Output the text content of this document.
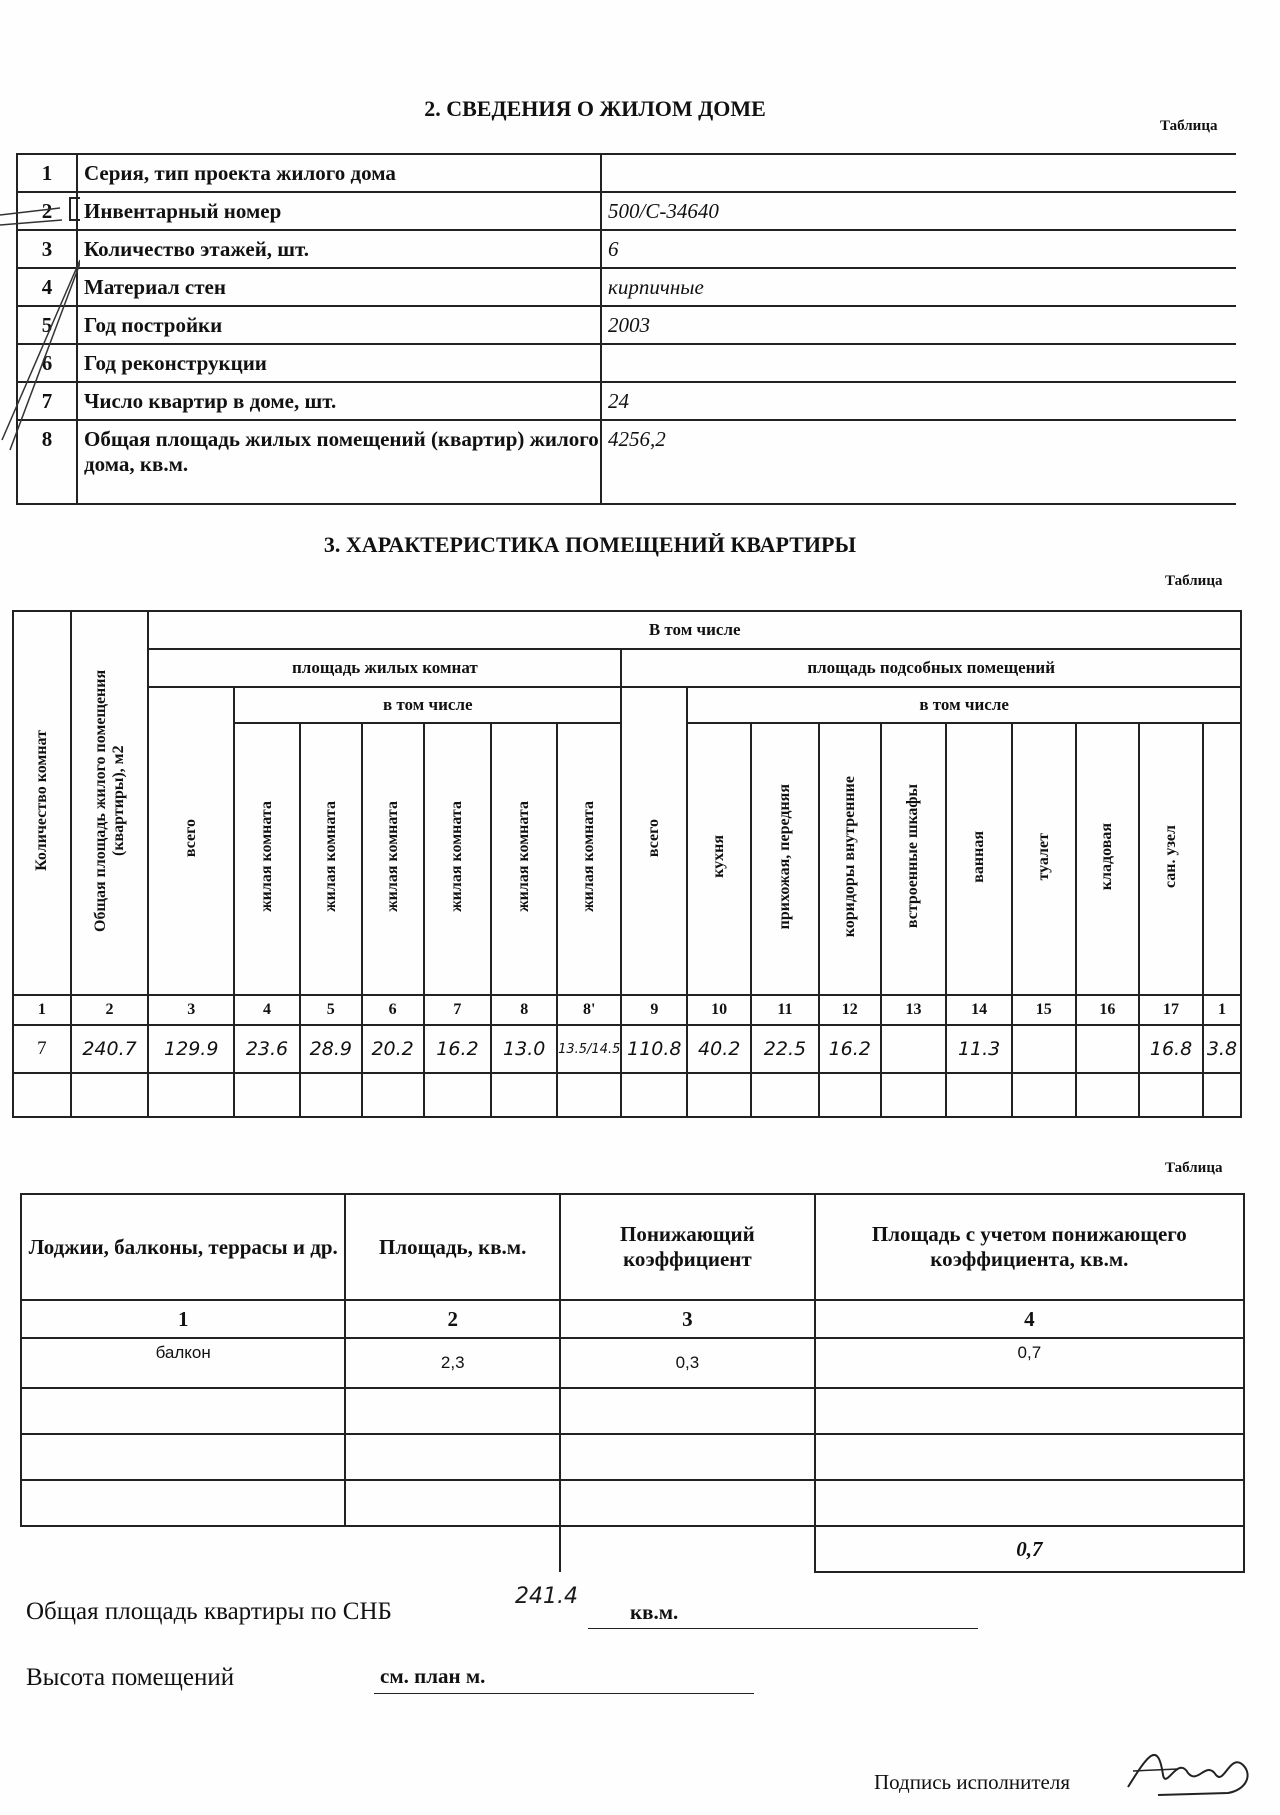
2. СВЕДЕНИЯ О ЖИЛОМ ДОМЕ
Таблица
1	Серия, тип проекта жилого дома	
2	Инвентарный номер	500/С-34640
3	Количество этажей, шт.	6
4	Материал стен	кирпичные
5	Год постройки	2003
6	Год реконструкции	
7	Число квартир в доме, шт.	24
8	Общая площадь жилых помещений (квартир) жилого дома, кв.м.	4256,2
3. ХАРАКТЕРИСТИКА ПОМЕЩЕНИЙ КВАРТИРЫ
Таблица
Количество комнат	Общая площадь жилого помещения (квартиры), м2	В том числе																
		площадь жилых комнат							площадь подсобных помещений									
		всего	в том числе						всего	в том числе								
			жилая комната	жилая комната	жилая комната	жилая комната	жилая комната	жилая комната		кухня	прихожая, передняя	коридоры внутренние	встроенные шкафы	ванная	туалет	кладовая	сан. узел	
1	2	3	4	5	6	7	8	8'	9	10	11	12	13	14	15	16	17	1
7	240.7	129.9	23.6	28.9	20.2	16.2	13.0	13.5/14.5	110.8	40.2	22.5	16.2		11.3			16.8	3.8

Таблица
Лоджии, балконы, террасы и др.	Площадь, кв.м.	Понижающий коэффициент	Площадь с учетом понижающего коэффициента, кв.м.
1	2	3	4
балкон	2,3	0,3	0,7

			0,7
Общая площадь квартиры по СНБ
241.4
кв.м.
Высота помещений	см. план м.
Подпись исполнителя
